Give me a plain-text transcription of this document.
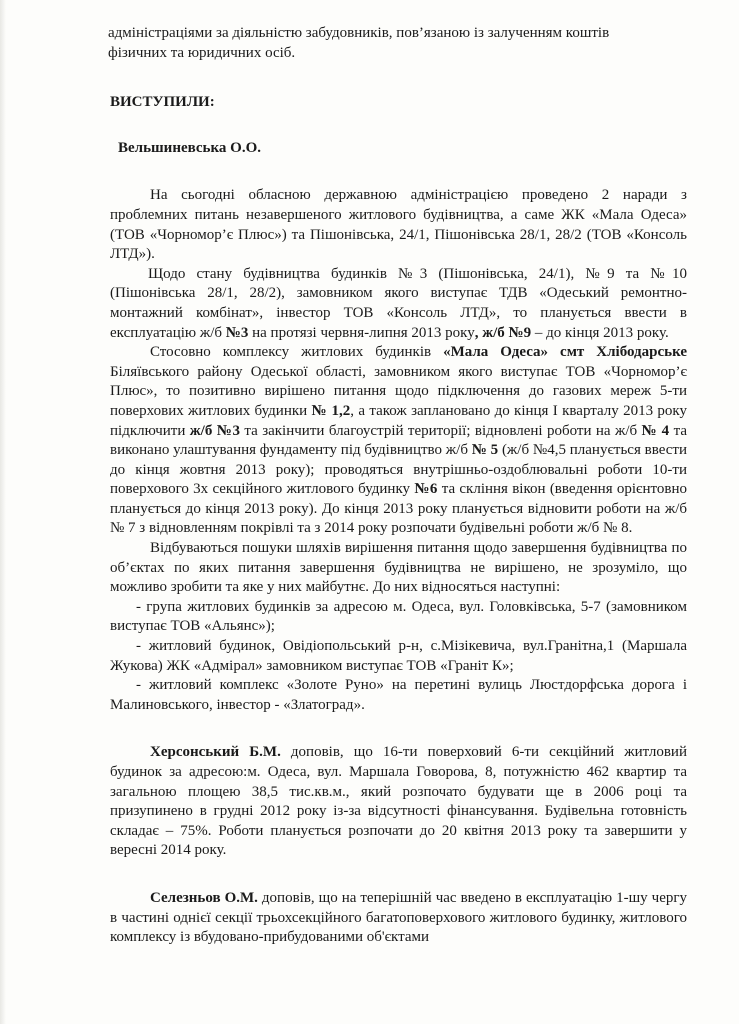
адміністраціями за діяльністю забудовників, пов’язаною із залученням коштів
фізичних та юридичних осіб.

ВИСТУПИЛИ:

Вельшиневська О.О.

На сьогодні обласною державною адміністрацією проведено 2 наради з проблемних питань незавершеного житлового будівництва, а саме ЖК «Мала Одеса» (ТОВ «Чорномор’є Плюс») та Пішонівська, 24/1, Пішонівська 28/1, 28/2 (ТОВ «Консоль ЛТД»).

Щодо стану будівництва будинків №3 (Пішонівська, 24/1), №9 та №10 (Пішонівська 28/1, 28/2), замовником якого виступає ТДВ «Одеський ремонтно-монтажний комбінат», інвестор ТОВ «Консоль ЛТД», то планується ввести в експлуатацію ж/б №3 на протязі червня-липня 2013 року, ж/б №9 – до кінця 2013 року.

Стосовно комплексу житлових будинків «Мала Одеса» смт Хлібодарське Біляївського району Одеської області, замовником якого виступає ТОВ «Чорномор’є Плюс», то позитивно вирішено питання щодо підключення до газових мереж 5-ти поверхових житлових будинки № 1,2, а також заплановано до кінця I кварталу 2013 року підключити ж/б №3 та закінчити благоустрій території; відновлені роботи на ж/б № 4 та виконано улаштування фундаменту під будівництво ж/б № 5 (ж/б №4,5 планується ввести до кінця жовтня 2013 року); проводяться внутрішньо-оздоблювальні роботи 10-ти поверхового 3х секційного житлового будинку №6 та скління вікон (введення орієнтовно планується до кінця 2013 року). До кінця 2013 року планується відновити роботи на ж/б № 7 з відновленням покрівлі та з 2014 року розпочати будівельні роботи ж/б № 8.

Відбуваються пошуки шляхів вирішення питання щодо завершення будівництва по об’єктах по яких питання завершення будівництва не вирішено, не зрозуміло, що можливо зробити та яке у них майбутнє. До них відносяться наступні:

- група житлових будинків за адресою м. Одеса, вул. Головківська, 5-7 (замовником виступає ТОВ «Альянс»);

- житловий будинок, Овідіопольський р-н, с.Мізікевича, вул.Гранітна,1 (Маршала Жукова) ЖК «Адмірал» замовником виступає ТОВ «Граніт К»;

- житловий комплекс «Золоте Руно» на перетині вулиць Люстдорфська дорога і Малиновського, інвестор - «Златоград».

Херсонський Б.М. доповів, що 16-ти поверховий 6-ти секційний житловий будинок за адресою:м. Одеса, вул. Маршала Говорова, 8, потужністю 462 квартир та загальною площею 38,5 тис.кв.м., який розпочато будувати ще в 2006 році та призупинено в грудні 2012 року із-за відсутності фінансування. Будівельна готовність складає – 75%. Роботи планується розпочати до 20 квітня 2013 року та завершити у вересні 2014 року.

Селезньов О.М. доповів, що на теперішній час введено в експлуатацію 1-шу чергу в частині однієї секції трьохсекційного багатоповерхового житлового будинку, житлового комплексу із вбудовано-прибудованими об'єктами
